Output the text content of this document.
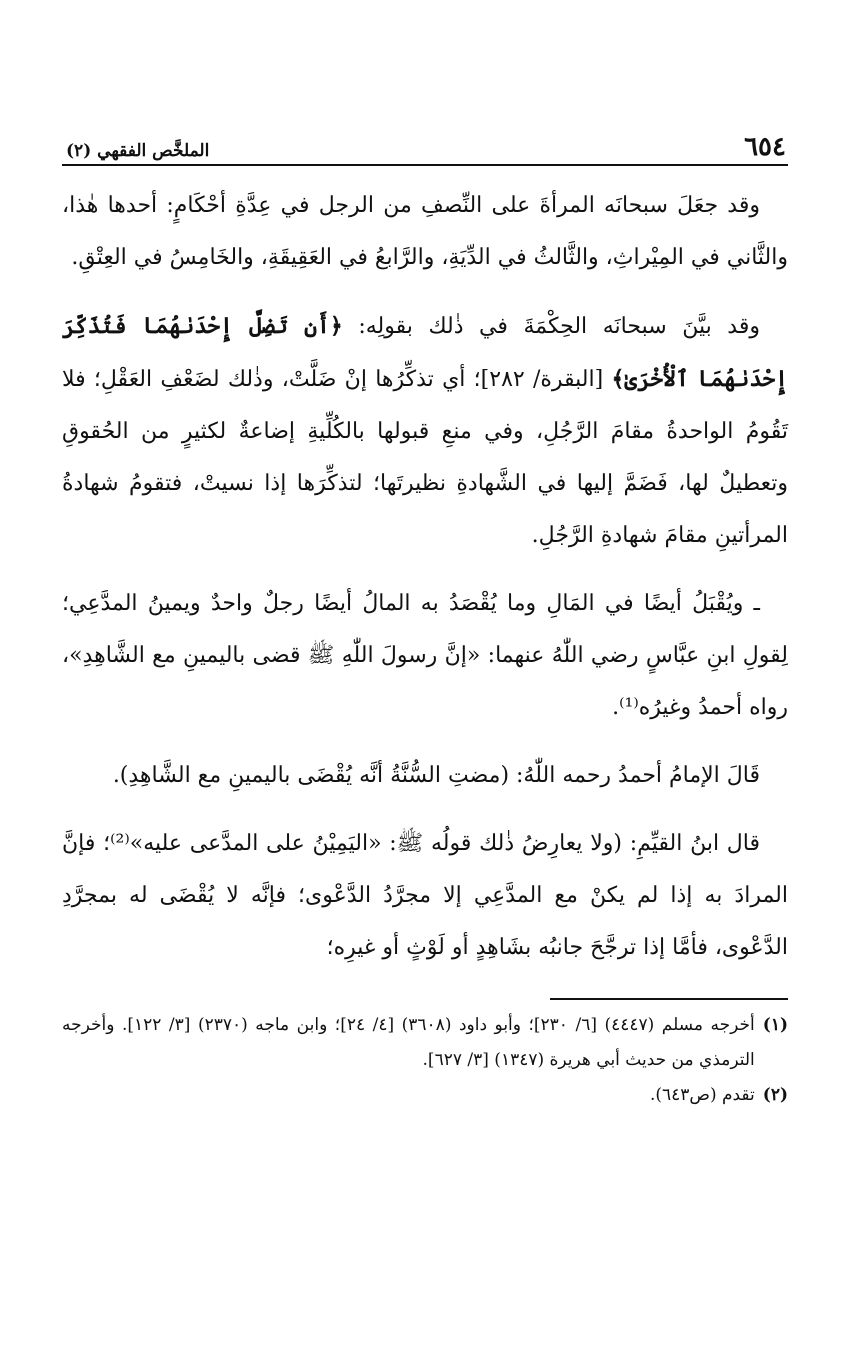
٦٥٤
الملخَّص الفقهي (٢)

وقد جعَلَ سبحانَه المرأةَ على النِّصفِ من الرجل في عِدَّةِ أحْكَامٍ: أحدها هٰذا، والثَّاني في المِيْراثِ، والثَّالثُ في الدِّيَةِ، والرَّابعُ في العَقِيقَةِ، والخَامِسُ في العِتْقِ.

وقد بيَّنَ سبحانَه الحِكْمَةَ في ذٰلك بقولِه: ﴿أَن تَضِلَّ إِحْدَىٰهُمَا فَتُذَكِّرَ إِحْدَىٰهُمَا ٱلْأُخْرَىٰ﴾ [البقرة/ ٢٨٢]؛ أي تذكِّرُها إنْ ضَلَّتْ، وذٰلك لضَعْفِ العَقْلِ؛ فلا تَقُومُ الواحدةُ مقامَ الرَّجُلِ، وفي منعِ قبولها بالكُلِّيةِ إضاعةٌ لكثيرٍ من الحُقوقِ وتعطيلٌ لها، فَضَمَّ إليها في الشَّهادةِ نظيرتَها؛ لتذكِّرَها إذا نسيتْ، فتقومُ شهادةُ المرأتينِ مقامَ شهادةِ الرَّجُلِ.

ـ ويُقْبَلُ أيضًا في المَالِ وما يُقْصَدُ به المالُ أيضًا رجلٌ واحدٌ ويمينُ المدَّعِي؛ لِقولِ ابنِ عبَّاسٍ رضي اللّٰهُ عنهما: «إنَّ رسولَ اللّٰهِ ﷺ قضى باليمينِ مع الشَّاهِدِ»، رواه أحمدُ وغيرُه⁽¹⁾.

قَالَ الإمامُ أحمدُ رحمه اللّٰهُ: (مضتِ السُّنَّةُ أنَّه يُقْضَى باليمينِ مع الشَّاهِدِ).

قال ابنُ القيِّمِ: (ولا يعارِضُ ذٰلك قولُه ﷺ: «اليَمِيْنُ على المدَّعى عليه»⁽²⁾؛ فإنَّ المرادَ به إذا لم يكنْ مع المدَّعِي إلا مجرَّدُ الدَّعْوى؛ فإنَّه لا يُقْضَى له بمجرَّدِ الدَّعْوى، فأمَّا إذا ترجَّحَ جانبُه بشَاهِدٍ أو لَوْثٍ أو غيرِه؛

(١)
أخرجه مسلم (٤٤٤٧) [٦/ ٢٣٠]؛ وأبو داود (٣٦٠٨) [٤/ ٢٤]؛ وابن ماجه (٢٣٧٠) [٣/ ١٢٢]. وأخرجه الترمذي من حديث أبي هريرة (١٣٤٧) [٣/ ٦٢٧].
(٢)
تقدم (ص٦٤٣).
